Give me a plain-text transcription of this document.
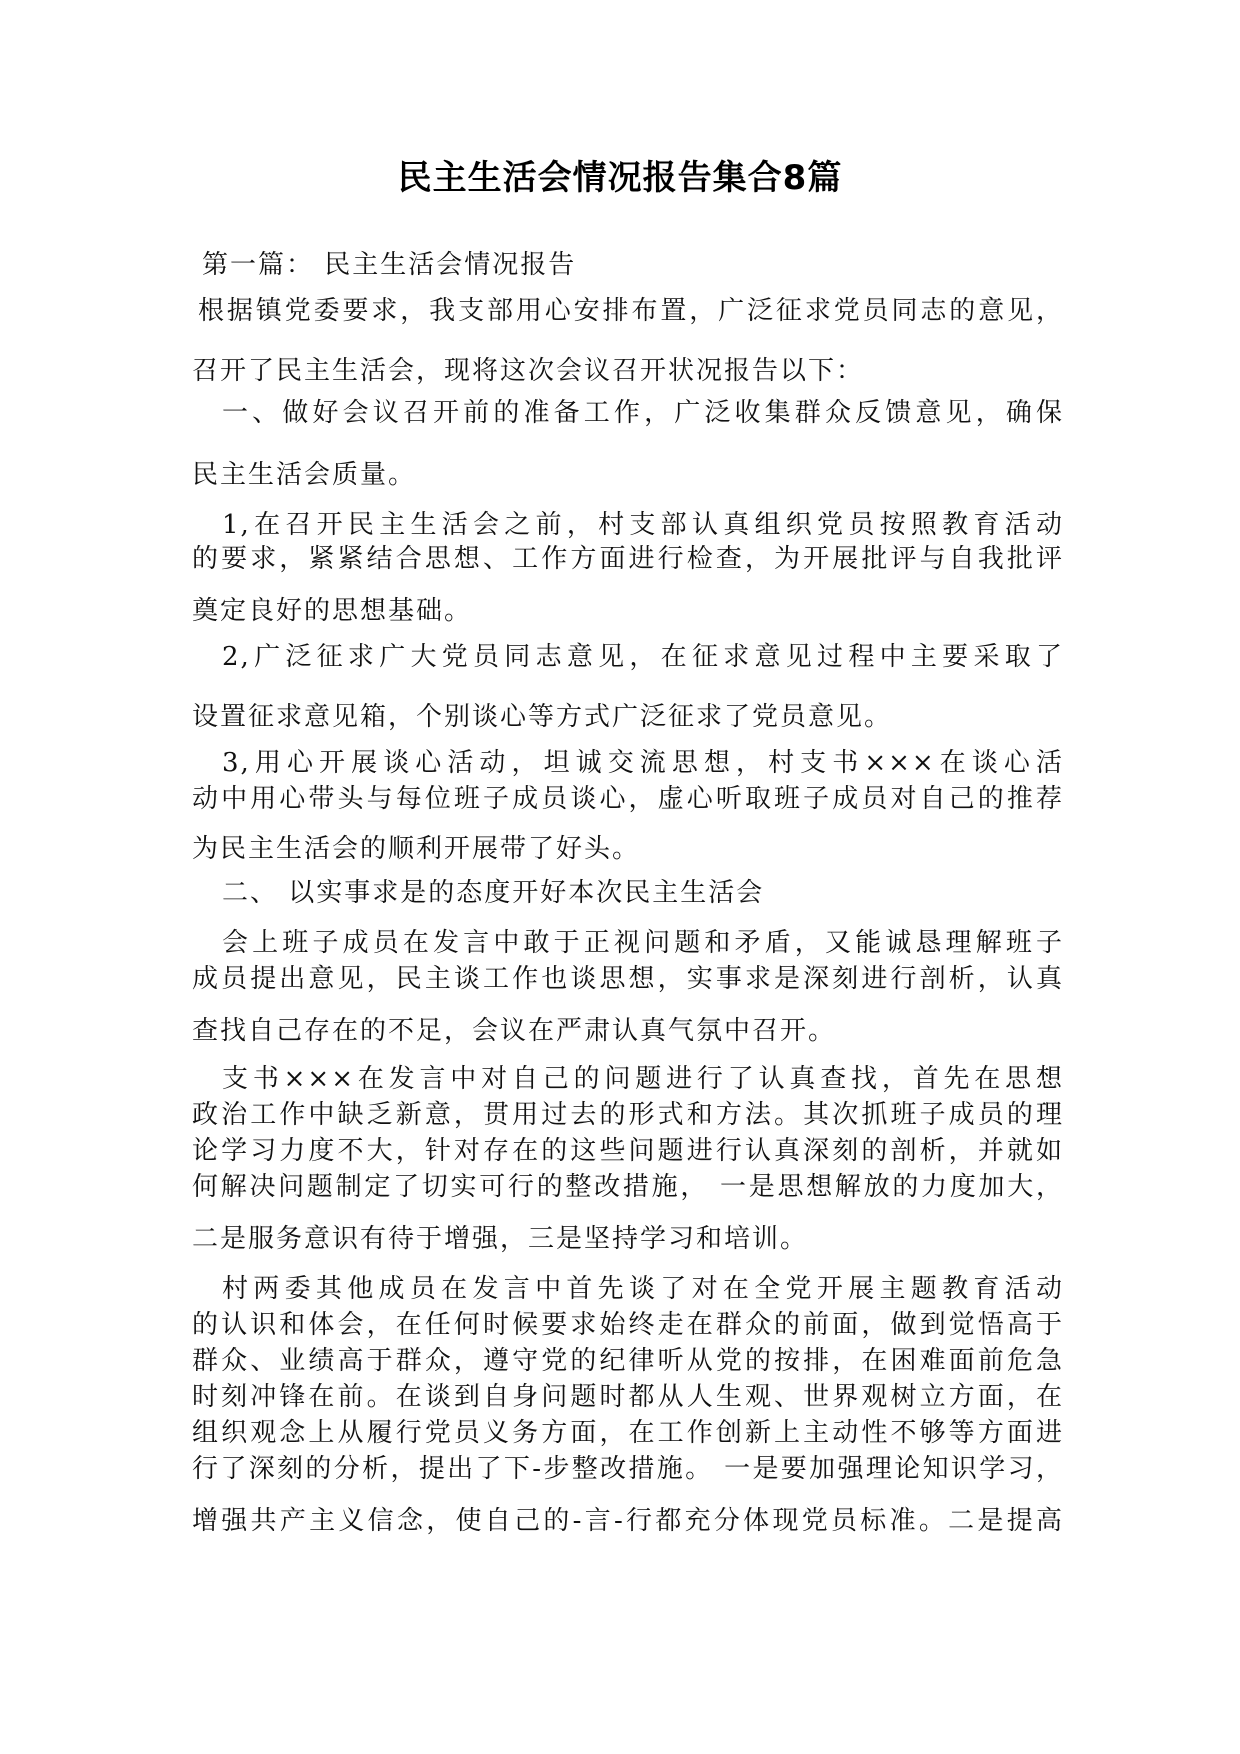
民主生活会情况报告集合8篇
第一篇： 民主生活会情况报告
根据镇党委要求，我支部用心安排布置，广泛征求党员同志的意见，
召开了民主生活会，现将这次会议召开状况报告以下：
一、做好会议召开前的准备工作，广泛收集群众反馈意见，确保
民主生活会质量。
1,在召开民主生活会之前，村支部认真组织党员按照教育活动
的要求，紧紧结合思想、工作方面进行检查，为开展批评与自我批评
奠定良好的思想基础。
2,广泛征求广大党员同志意见，在征求意见过程中主要采取了
设置征求意见箱，个别谈心等方式广泛征求了党员意见。
3,用心开展谈心活动，坦诚交流思想，村支书×××在谈心活
动中用心带头与每位班子成员谈心，虚心听取班子成员对自己的推荐
为民主生活会的顺利开展带了好头。
二、 以实事求是的态度开好本次民主生活会
会上班子成员在发言中敢于正视问题和矛盾，又能诚恳理解班子
成员提出意见，民主谈工作也谈思想，实事求是深刻进行剖析，认真
查找自己存在的不足，会议在严肃认真气氛中召开。
支书×××在发言中对自己的问题进行了认真查找，首先在思想
政治工作中缺乏新意，贯用过去的形式和方法。其次抓班子成员的理
论学习力度不大，针对存在的这些问题进行认真深刻的剖析，并就如
何解决问题制定了切实可行的整改措施， 一是思想解放的力度加大，
二是服务意识有待于增强，三是坚持学习和培训。
村两委其他成员在发言中首先谈了对在全党开展主题教育活动
的认识和体会，在任何时候要求始终走在群众的前面，做到觉悟高于
群众、业绩高于群众，遵守党的纪律听从党的按排，在困难面前危急
时刻冲锋在前。在谈到自身问题时都从人生观、世界观树立方面，在
组织观念上从履行党员义务方面，在工作创新上主动性不够等方面进
行了深刻的分析，提出了下-步整改措施。 一是要加强理论知识学习，
增强共产主义信念，使自己的-言-行都充分体现党员标准。二是提高
